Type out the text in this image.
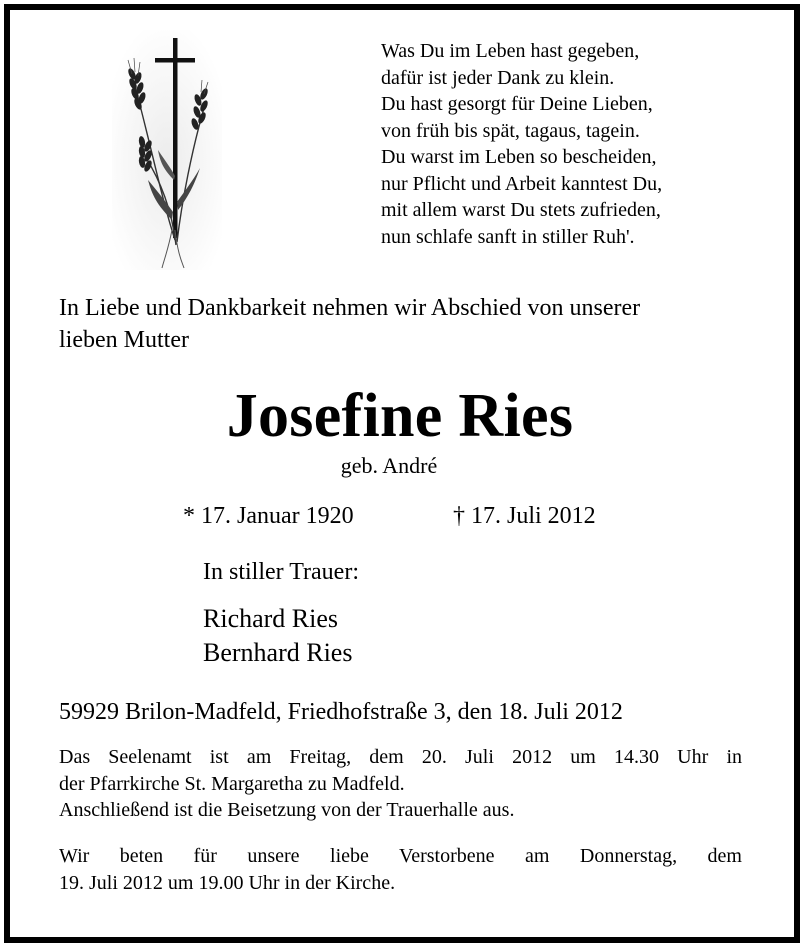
Was Du im Leben hast gegeben,
dafür ist jeder Dank zu klein.
Du hast gesorgt für Deine Lieben,
von früh bis spät, tagaus, tagein.
Du warst im Leben so bescheiden,
nur Pflicht und Arbeit kanntest Du,
mit allem warst Du stets zufrieden,
nun schlafe sanft in stiller Ruh'.
In Liebe und Dankbarkeit nehmen wir Abschied von unserer
lieben Mutter
Josefine Ries
geb. André
* 17. Januar 1920	† 17. Juli 2012
In stiller Trauer:
Richard Ries
Bernhard Ries
59929 Brilon-Madfeld, Friedhofstraße 3, den 18. Juli 2012
Das Seelenamt ist am Freitag, dem 20. Juli 2012 um 14.30 Uhr in
der Pfarrkirche St. Margaretha zu Madfeld.
Anschließend ist die Beisetzung von der Trauerhalle aus.
Wir beten für unsere liebe Verstorbene am Donnerstag, dem
19. Juli 2012 um 19.00 Uhr in der Kirche.
